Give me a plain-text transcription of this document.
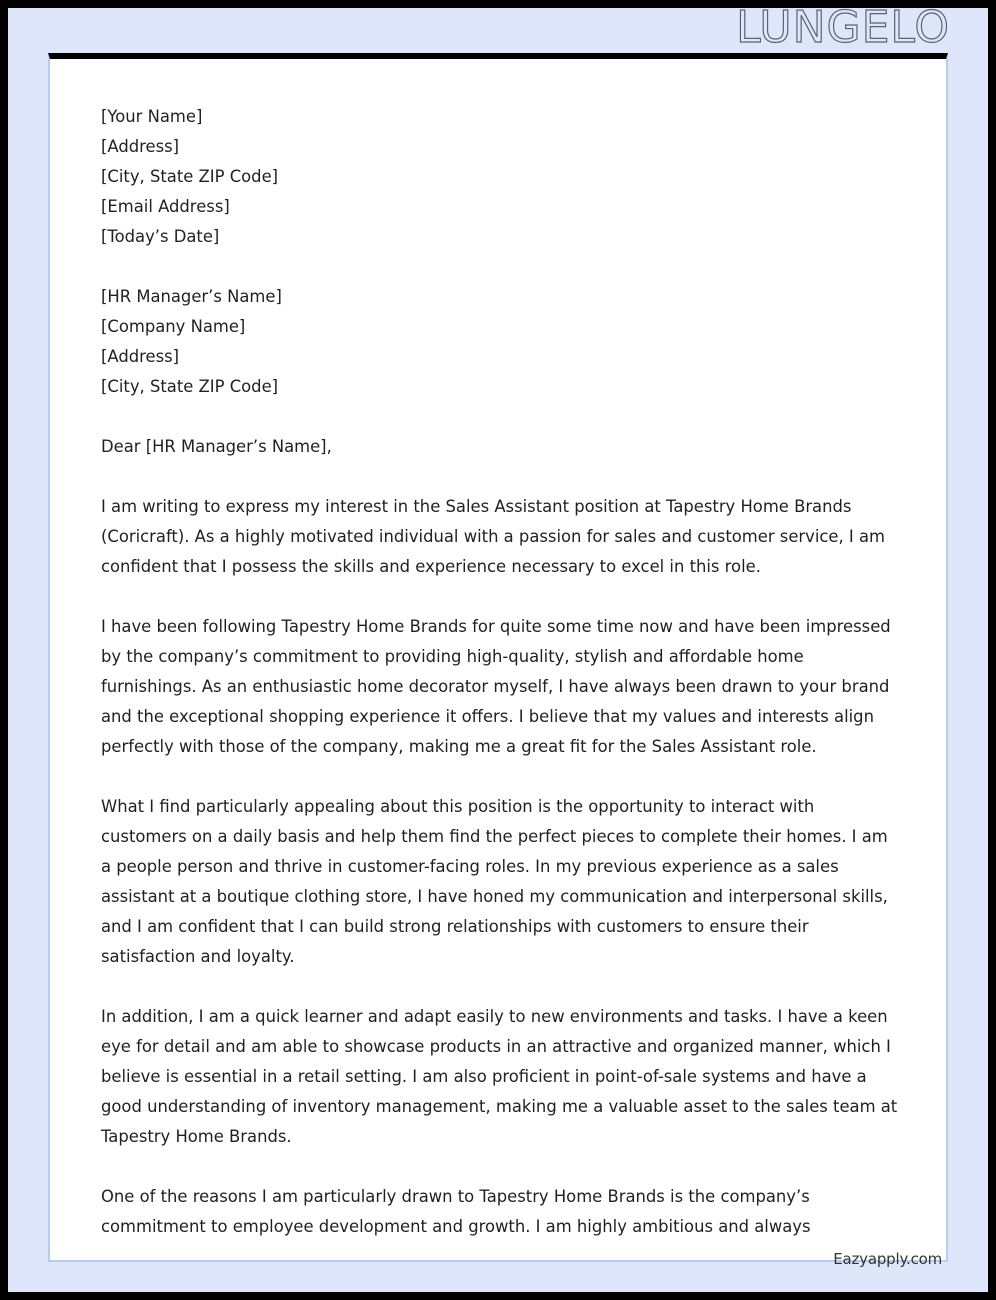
LUNGELO
[Your Name]
[Address]
[City, State ZIP Code]
[Email Address]
[Today’s Date]
[HR Manager’s Name]
[Company Name]
[Address]
[City, State ZIP Code]

Dear [HR Manager’s Name],

I am writing to express my interest in the Sales Assistant position at Tapestry Home Brands (Coricraft). As a highly motivated individual with a passion for sales and customer service, I am confident that I possess the skills and experience necessary to excel in this role.

I have been following Tapestry Home Brands for quite some time now and have been impressed by the company’s commitment to providing high-quality, stylish and affordable home furnishings. As an enthusiastic home decorator myself, I have always been drawn to your brand and the exceptional shopping experience it offers. I believe that my values and interests align perfectly with those of the company, making me a great fit for the Sales Assistant role.

What I find particularly appealing about this position is the opportunity to interact with customers on a daily basis and help them find the perfect pieces to complete their homes. I am a people person and thrive in customer-facing roles. In my previous experience as a sales assistant at a boutique clothing store, I have honed my communication and interpersonal skills, and I am confident that I can build strong relationships with customers to ensure their satisfaction and loyalty.

In addition, I am a quick learner and adapt easily to new environments and tasks. I have a keen eye for detail and am able to showcase products in an attractive and organized manner, which I believe is essential in a retail setting. I am also proficient in point-of-sale systems and have a good understanding of inventory management, making me a valuable asset to the sales team at Tapestry Home Brands.

One of the reasons I am particularly drawn to Tapestry Home Brands is the company’s commitment to employee development and growth. I am highly ambitious and always

Eazyapply.com
